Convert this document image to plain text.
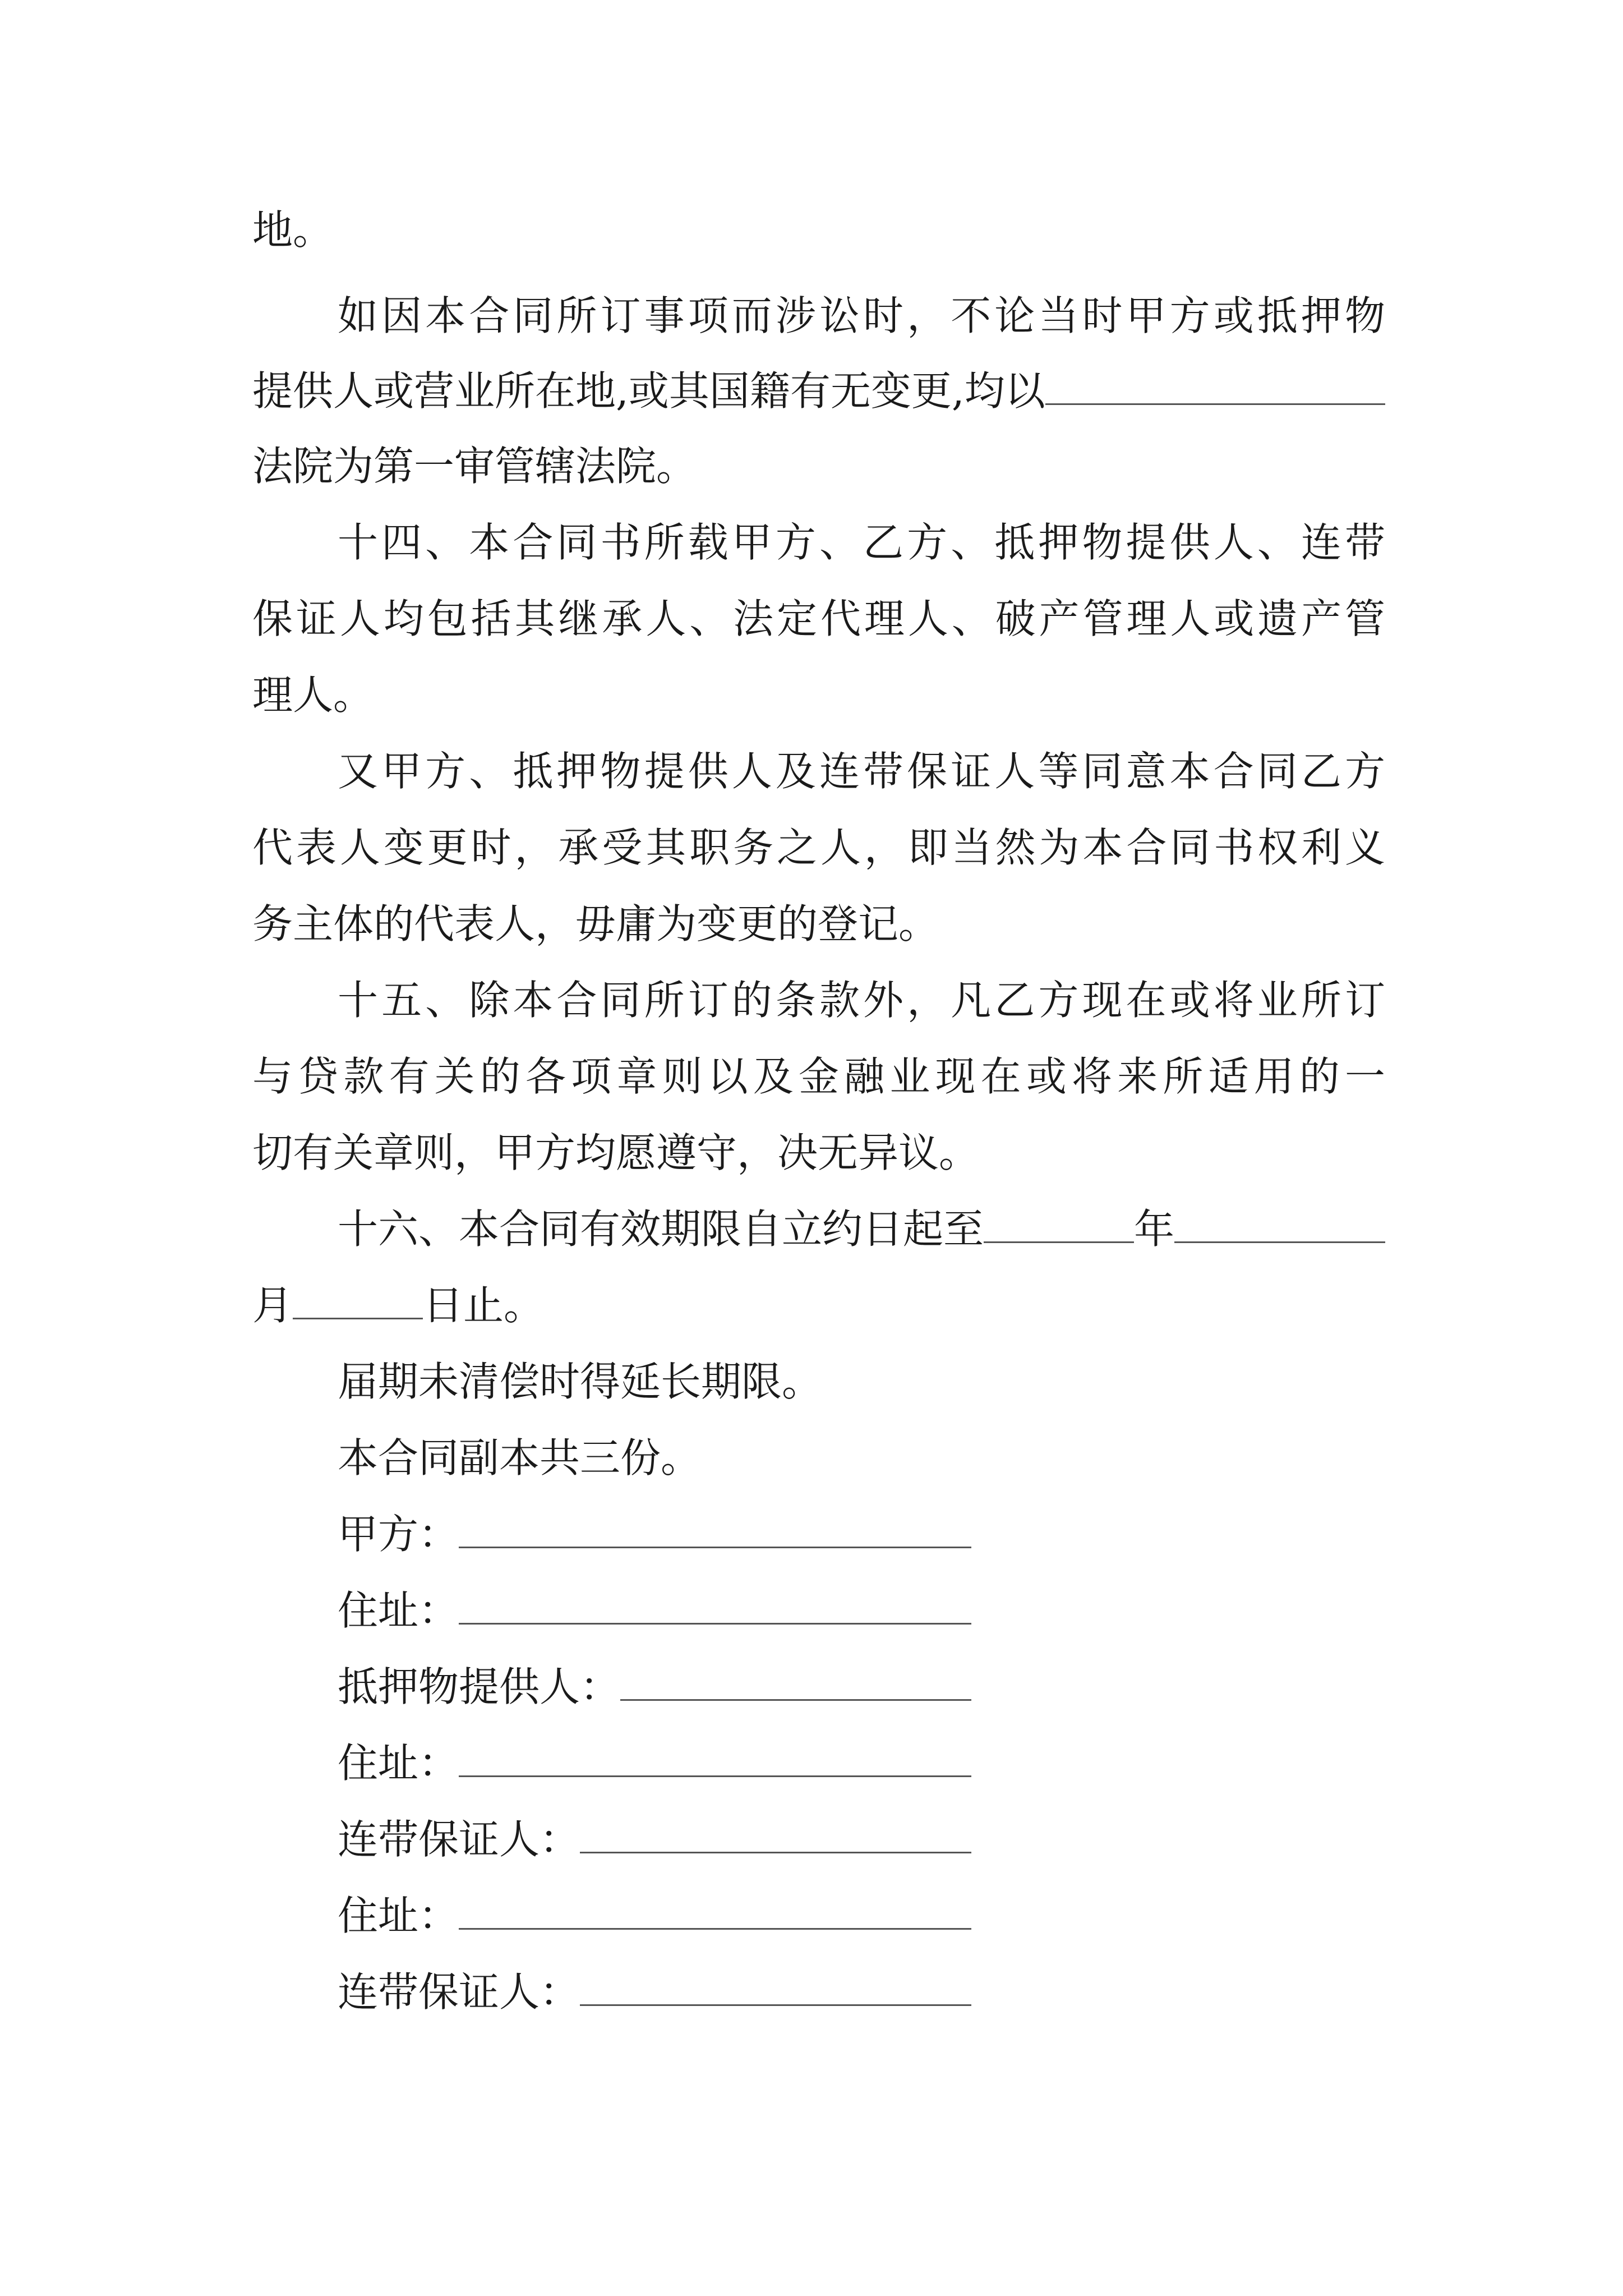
地。
如因本合同所订事项而涉讼时，不论当时甲方或抵押物
提供人或营业所在地,或其国籍有无变更,均以
法院为第一审管辖法院。
十四、本合同书所载甲方、乙方、抵押物提供人、连带
保证人均包括其继承人、法定代理人、破产管理人或遗产管
理人。
又甲方、抵押物提供人及连带保证人等同意本合同乙方
代表人变更时，承受其职务之人，即当然为本合同书权利义
务主体的代表人，毋庸为变更的登记。
十五、除本合同所订的条款外，凡乙方现在或将业所订
与贷款有关的各项章则以及金融业现在或将来所适用的一
切有关章则，甲方均愿遵守，决无异议。
十六、本合同有效期限自立约日起至	年
月	日止。
届期未清偿时得延长期限。
本合同副本共三份。
甲方：
住址：
抵押物提供人：
住址：
连带保证人：
住址：
连带保证人：
